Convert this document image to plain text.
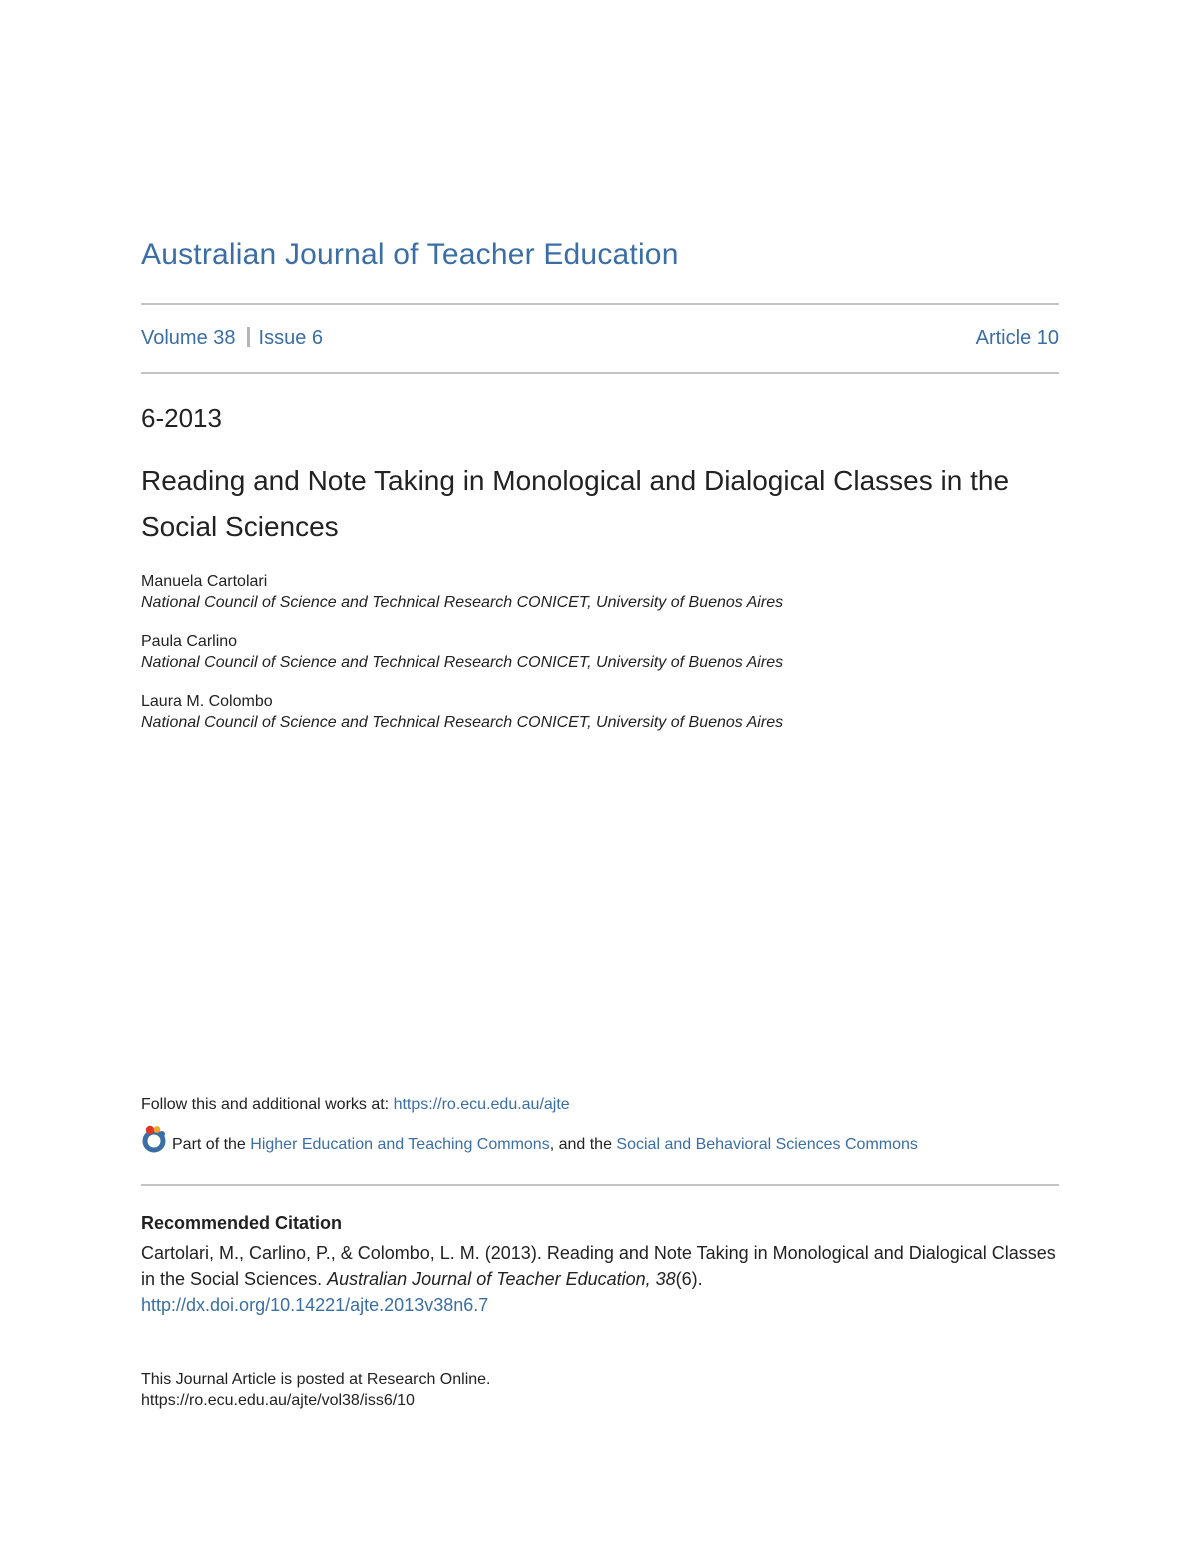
Australian Journal of Teacher Education
Volume 38 Issue 6	Article 10
6-2013
Reading and Note Taking in Monological and Dialogical Classes in the Social Sciences
Manuela Cartolari
National Council of Science and Technical Research CONICET, University of Buenos Aires
Paula Carlino
National Council of Science and Technical Research CONICET, University of Buenos Aires
Laura M. Colombo
National Council of Science and Technical Research CONICET, University of Buenos Aires
Follow this and additional works at: https://ro.ecu.edu.au/ajte
Part of the Higher Education and Teaching Commons, and the Social and Behavioral Sciences Commons
Recommended Citation
Cartolari, M., Carlino, P., & Colombo, L. M. (2013). Reading and Note Taking in Monological and Dialogical Classes in the Social Sciences. Australian Journal of Teacher Education, 38(6).
http://dx.doi.org/10.14221/ajte.2013v38n6.7
This Journal Article is posted at Research Online.
https://ro.ecu.edu.au/ajte/vol38/iss6/10
